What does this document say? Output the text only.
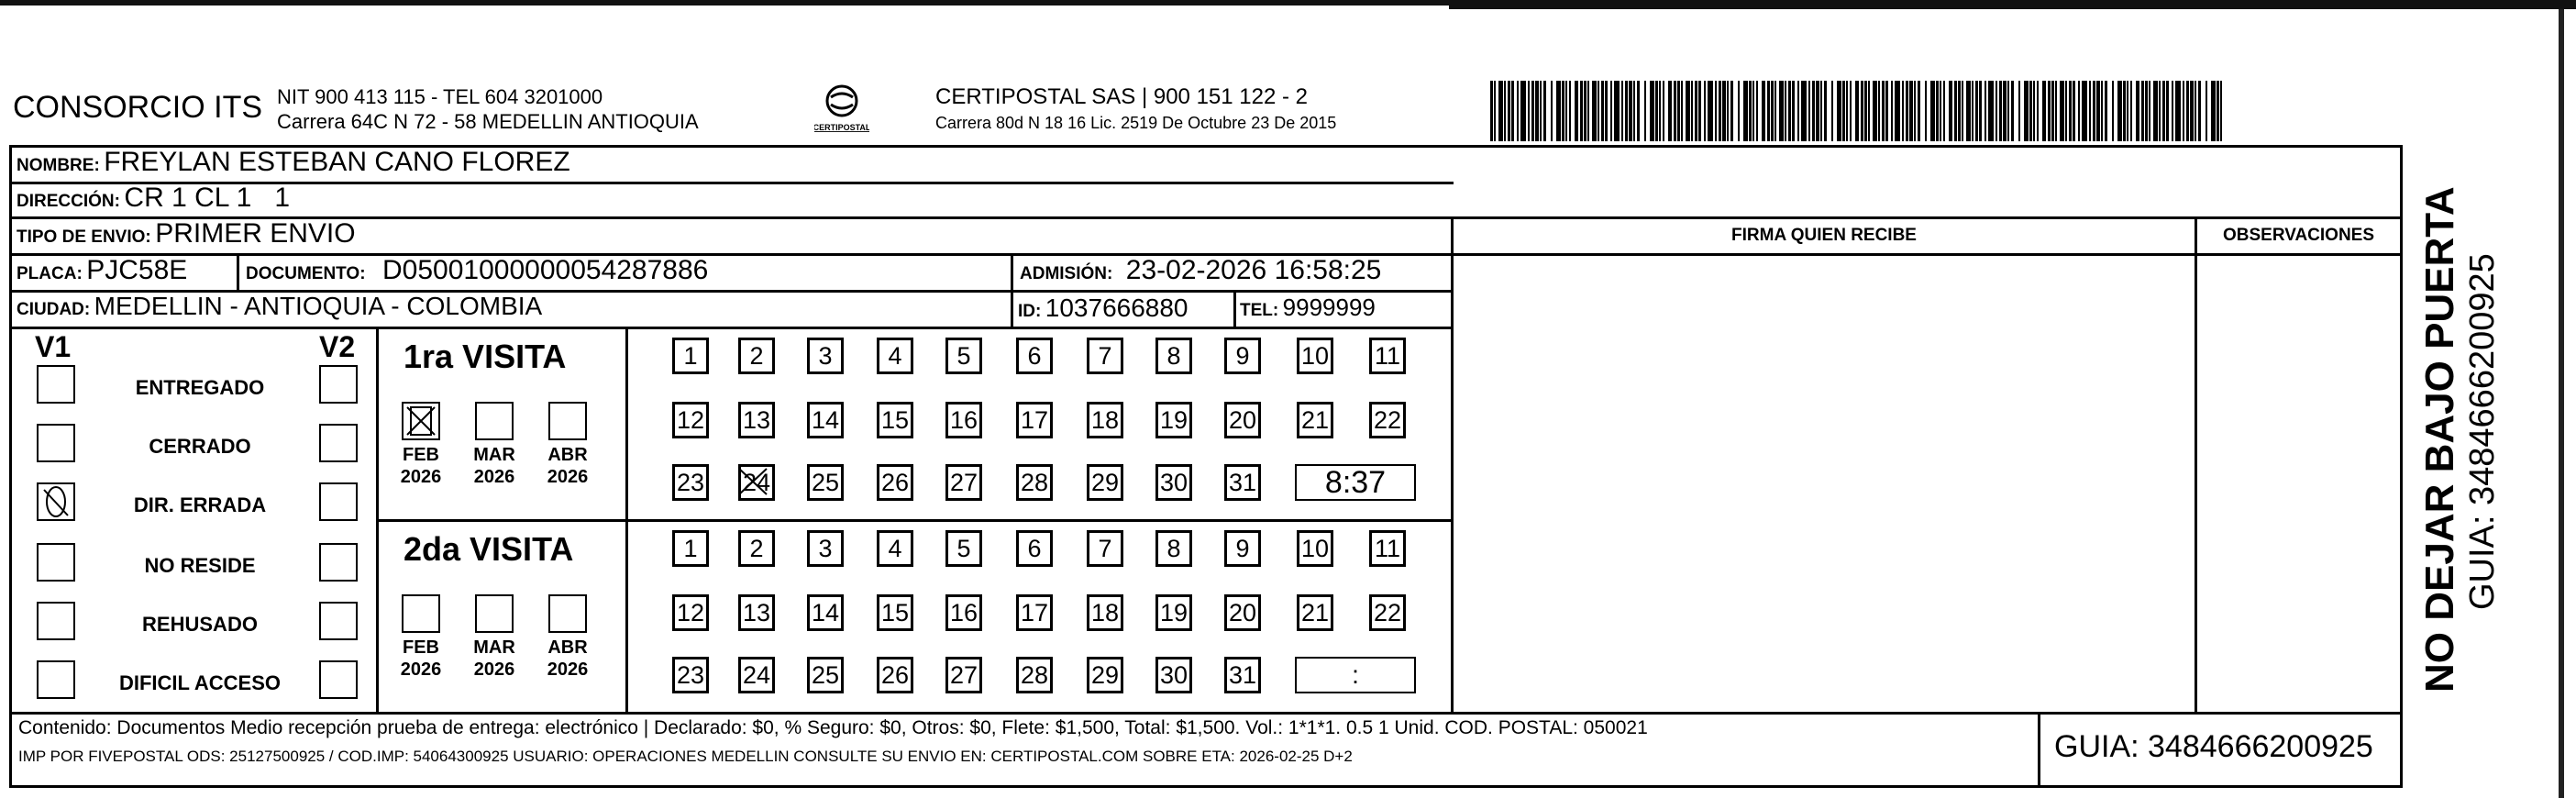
CONSORCIO ITS NIT 900 413 115 - TEL 604 3201000
Carrera 64C N 72 - 58 MEDELLIN ANTIOQUIA	CERTIPOSTAL
CERTIPOSTAL SAS | 900 151 122 - 2
Carrera 80d N 18 16 Lic. 2519 De Octubre 23 De 2015
NOMBRE: FREYLAN ESTEBAN CANO FLOREZ
DIRECCIÓN: CR 1 CL 1   1
TIPO DE ENVIO: PRIMER ENVIO	FIRMA QUIEN RECIBE	OBSERVACIONES
PLACA: PJC58E	DOCUMENTO: D05001000000054287886	ADMISIÓN: 23-02-2026 16:58:25
CIUDAD: MEDELLIN - ANTIOQUIA - COLOMBIA	ID: 1037666880	TEL: 9999999
V1	V2
ENTREGADO
CERRADO
DIR. ERRADA
NO RESIDE
REHUSADO
DIFICIL ACCESO
1ra VISITA
FEB
2026
MAR
2026
ABR
2026
1	2	3	4	5	6	7	8	9	10 11
12 13 14 15 16 17 18 19 20 21 22
23 24 25 26 27 28 29 30 31	8:37
2da VISITA
FEB
2026
MAR
2026
ABR
2026
1	2	3	4	5	6	7	8	9	10 11
12 13 14 15 16 17 18 19 20 21 22
23 24 25 26 27 28 29 30 31	:
Contenido: Documentos Medio recepción prueba de entrega: electrónico | Declarado: $0, % Seguro: $0, Otros: $0, Flete: $1,500, Total: $1,500. Vol.: 1*1*1. 0.5 1 Unid. COD. POSTAL: 050021
IMP POR FIVEPOSTAL ODS: 25127500925 / COD.IMP: 54064300925 USUARIO: OPERACIONES MEDELLIN CONSULTE SU ENVIO EN: CERTIPOSTAL.COM SOBRE ETA: 2026-02-25 D+2	GUIA: 3484666200925
NO DEJAR BAJO PUERTA GUIA: 3484666200925
